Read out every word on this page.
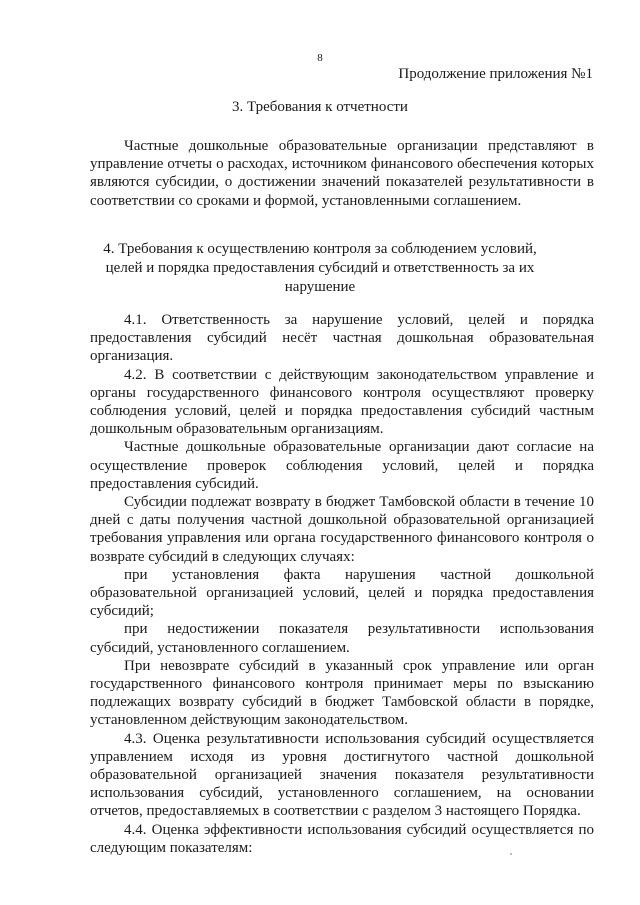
8
Продолжение приложения №1
3. Требования к отчетности

Частные дошкольные образовательные организации представляют в управление отчеты о расходах, источником финансового обеспечения которых являются субсидии, о достижении значений показателей результативности в соответствии со сроками и формой, установленными соглашением.

4. Требования к осуществлению контроля за соблюдением условий,
целей и порядка предоставления субсидий и ответственность за их
нарушение

4.1. Ответственность за нарушение условий, целей и порядка предоставления субсидий несёт частная дошкольная образовательная организация.

4.2. В соответствии с действующим законодательством управление и органы государственного финансового контроля осуществляют проверку соблюдения условий, целей и порядка предоставления субсидий частным дошкольным образовательным организациям.

Частные дошкольные образовательные организации дают согласие на осуществление проверок соблюдения условий, целей и порядка предоставления субсидий.

Субсидии подлежат возврату в бюджет Тамбовской области в течение 10 дней с даты получения частной дошкольной образовательной организацией требования управления или органа государственного финансового контроля о возврате субсидий в следующих случаях:

при установления факта нарушения частной дошкольной образовательной организацией условий, целей и порядка предоставления субсидий;

при недостижении показателя результативности использования субсидий, установленного соглашением.

При невозврате субсидий в указанный срок управление или орган государственного финансового контроля принимает меры по взысканию подлежащих возврату субсидий в бюджет Тамбовской области в порядке, установленном действующим законодательством.

4.3. Оценка результативности использования субсидий осуществляется управлением исходя из уровня достигнутого частной дошкольной образовательной организацией значения показателя результативности использования субсидий, установленного соглашением, на основании отчетов, предоставляемых в соответствии с разделом 3 настоящего Порядка.

4.4. Оценка эффективности использования субсидий осуществляется по следующим показателям:
